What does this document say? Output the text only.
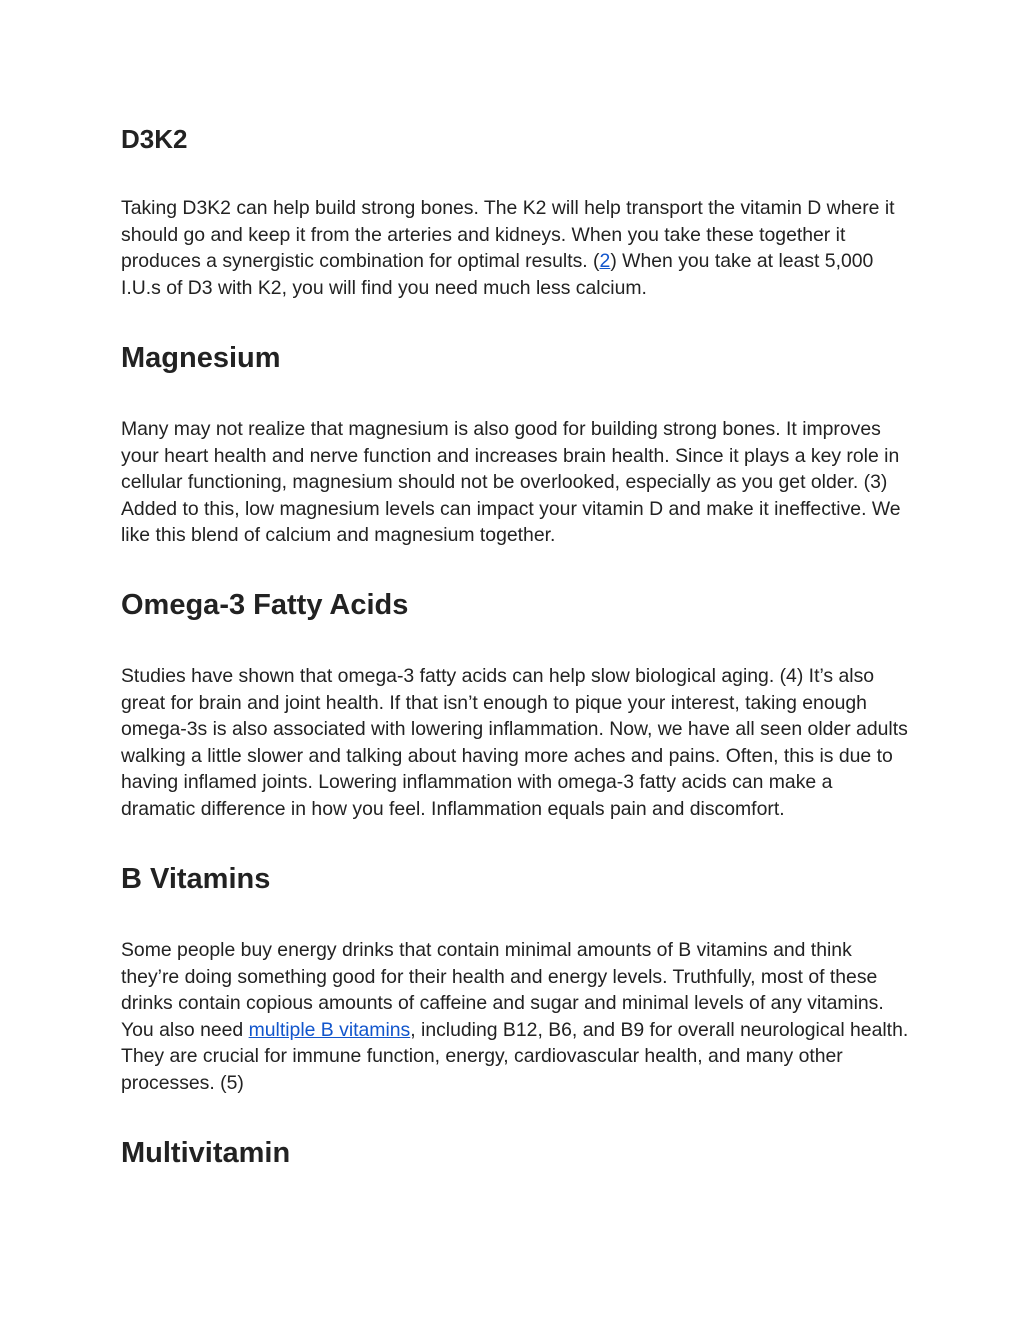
D3K2

Taking D3K2 can help build strong bones. The K2 will help transport the vitamin D where it should go and keep it from the arteries and kidneys. When you take these together it produces a synergistic combination for optimal results. (2) When you take at least 5,000 I.U.s of D3 with K2, you will find you need much less calcium.

Magnesium

Many may not realize that magnesium is also good for building strong bones. It improves your heart health and nerve function and increases brain health. Since it plays a key role in cellular functioning, magnesium should not be overlooked, especially as you get older. (3) Added to this, low magnesium levels can impact your vitamin D and make it ineffective. We like this blend of calcium and magnesium together.

Omega-3 Fatty Acids

Studies have shown that omega-3 fatty acids can help slow biological aging. (4) It’s also great for brain and joint health. If that isn’t enough to pique your interest, taking enough omega-3s is also associated with lowering inflammation. Now, we have all seen older adults walking a little slower and talking about having more aches and pains. Often, this is due to having inflamed joints. Lowering inflammation with omega-3 fatty acids can make a dramatic difference in how you feel. Inflammation equals pain and discomfort.

B Vitamins

Some people buy energy drinks that contain minimal amounts of B vitamins and think they’re doing something good for their health and energy levels. Truthfully, most of these drinks contain copious amounts of caffeine and sugar and minimal levels of any vitamins. You also need multiple B vitamins, including B12, B6, and B9 for overall neurological health. They are crucial for immune function, energy, cardiovascular health, and many other processes. (5)

Multivitamin
